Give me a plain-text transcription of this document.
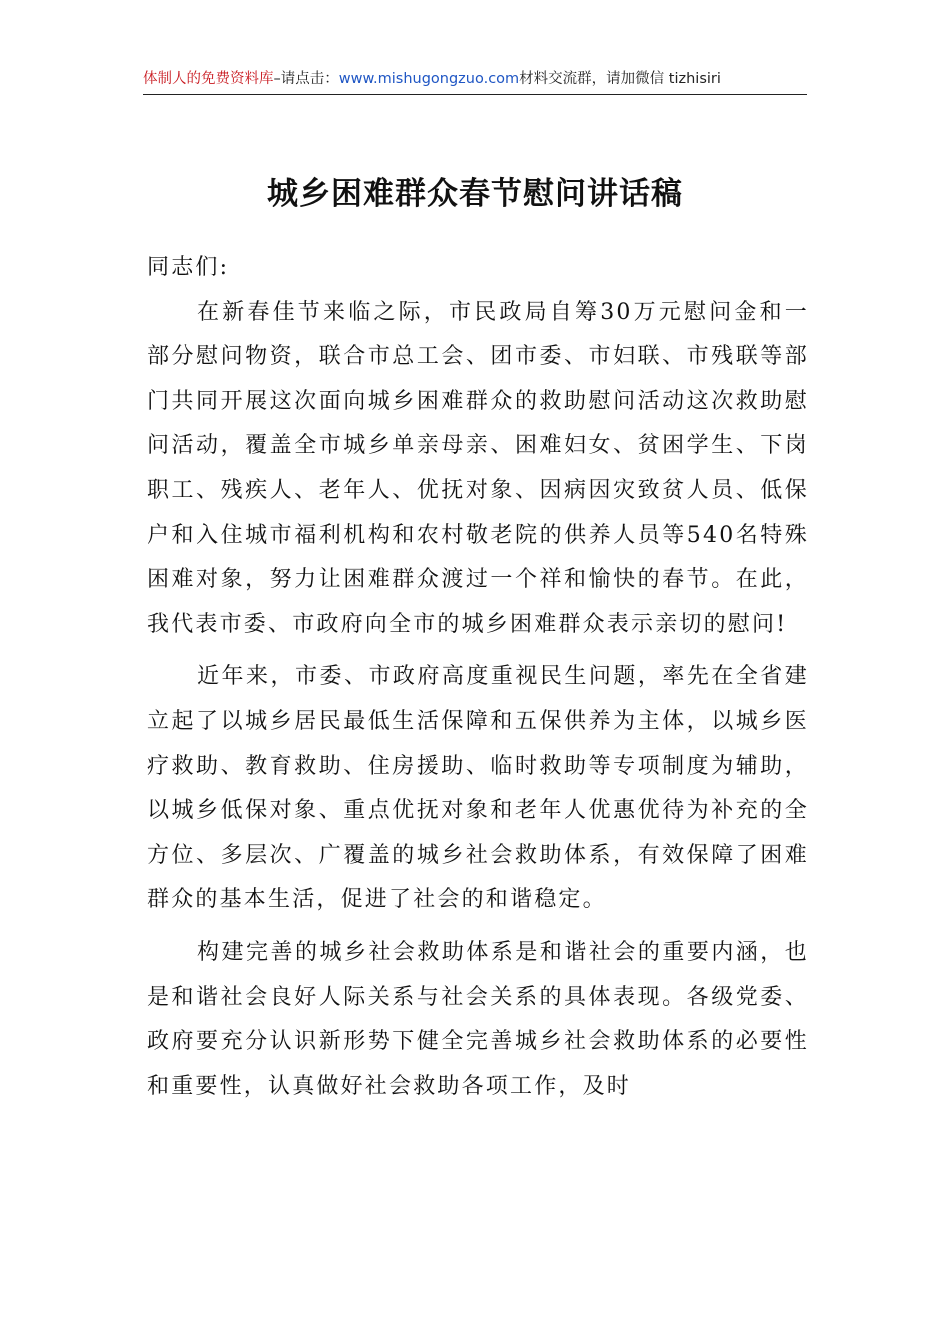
体制人的免费资料库–请点击：www.mishugongzuo.com材料交流群，请加微信 tizhisiri
城乡困难群众春节慰问讲话稿

同志们:

在新春佳节来临之际，市民政局自筹30万元慰问金和一部分慰问物资，联合市总工会、团市委、市妇联、市残联等部门共同开展这次面向城乡困难群众的救助慰问活动这次救助慰问活动，覆盖全市城乡单亲母亲、困难妇女、贫困学生、下岗职工、残疾人、老年人、优抚对象、因病因灾致贫人员、低保户和入住城市福利机构和农村敬老院的供养人员等540名特殊困难对象，努力让困难群众渡过一个祥和愉快的春节。在此，我代表市委、市政府向全市的城乡困难群众表示亲切的慰问!

近年来，市委、市政府高度重视民生问题，率先在全省建立起了以城乡居民最低生活保障和五保供养为主体，以城乡医疗救助、教育救助、住房援助、临时救助等专项制度为辅助，以城乡低保对象、重点优抚对象和老年人优惠优待为补充的全方位、多层次、广覆盖的城乡社会救助体系，有效保障了困难群众的基本生活，促进了社会的和谐稳定。

构建完善的城乡社会救助体系是和谐社会的重要内涵，也是和谐社会良好人际关系与社会关系的具体表现。各级党委、政府要充分认识新形势下健全完善城乡社会救助体系的必要性和重要性，认真做好社会救助各项工作，及时
